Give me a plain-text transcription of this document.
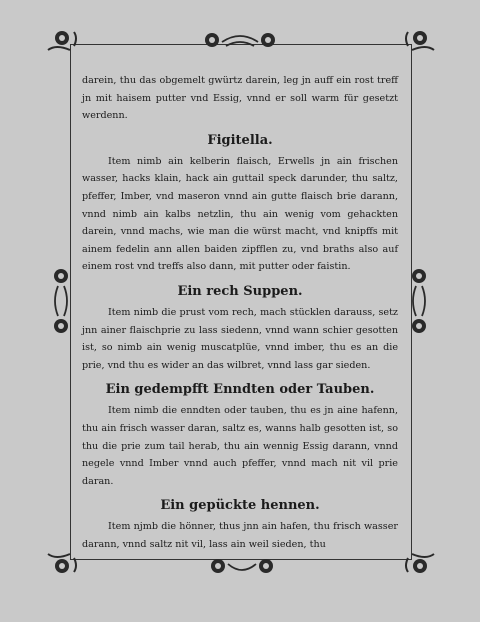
darein, thu das obgemelt gwürtz darein, leg jn auff ein rost treff jn mit haisem putter vnd Essig, vnnd er soll warm für gesetzt werdenn.

Figitella.

Item nimb ain kelberin flaisch, Erwells jn ain frischen wasser, hacks klain, hack ain guttail speck darunder, thu saltz, pfeffer, Imber, vnd maseron vnnd ain gutte flaisch brie darann, vnnd nimb ain kalbs netzlin, thu ain wenig vom gehackten darein, vnnd machs, wie man die würst macht, vnd knipffs mit ainem fedelin ann allen baiden zipfflen zu, vnd braths also auf einem rost vnd treffs also dann, mit putter oder faistin.

Ein rech Suppen.

Item nimb die prust vom rech, mach stücklen darauss, setz jnn ainer flaischprie zu lass siedenn, vnnd wann schier gesotten ist, so nimb ain wenig muscatplüe, vnnd imber, thu es an die prie, vnd thu es wider an das wilbret, vnnd lass gar sieden.

Ein gedempfft Enndten oder Tauben.

Item nimb die enndten oder tauben, thu es jn aine hafenn, thu ain frisch wasser daran, saltz es, wanns halb gesotten ist, so thu die prie zum tail herab, thu ain wennig Essig darann, vnnd negele vnnd Imber vnnd auch pfeffer, vnnd mach nit vil prie daran.

Ein gepückte hennen.

Item njmb die hönner, thus jnn ain hafen, thu frisch wasser darann, vnnd saltz nit vil, lass ain weil sieden, thu
